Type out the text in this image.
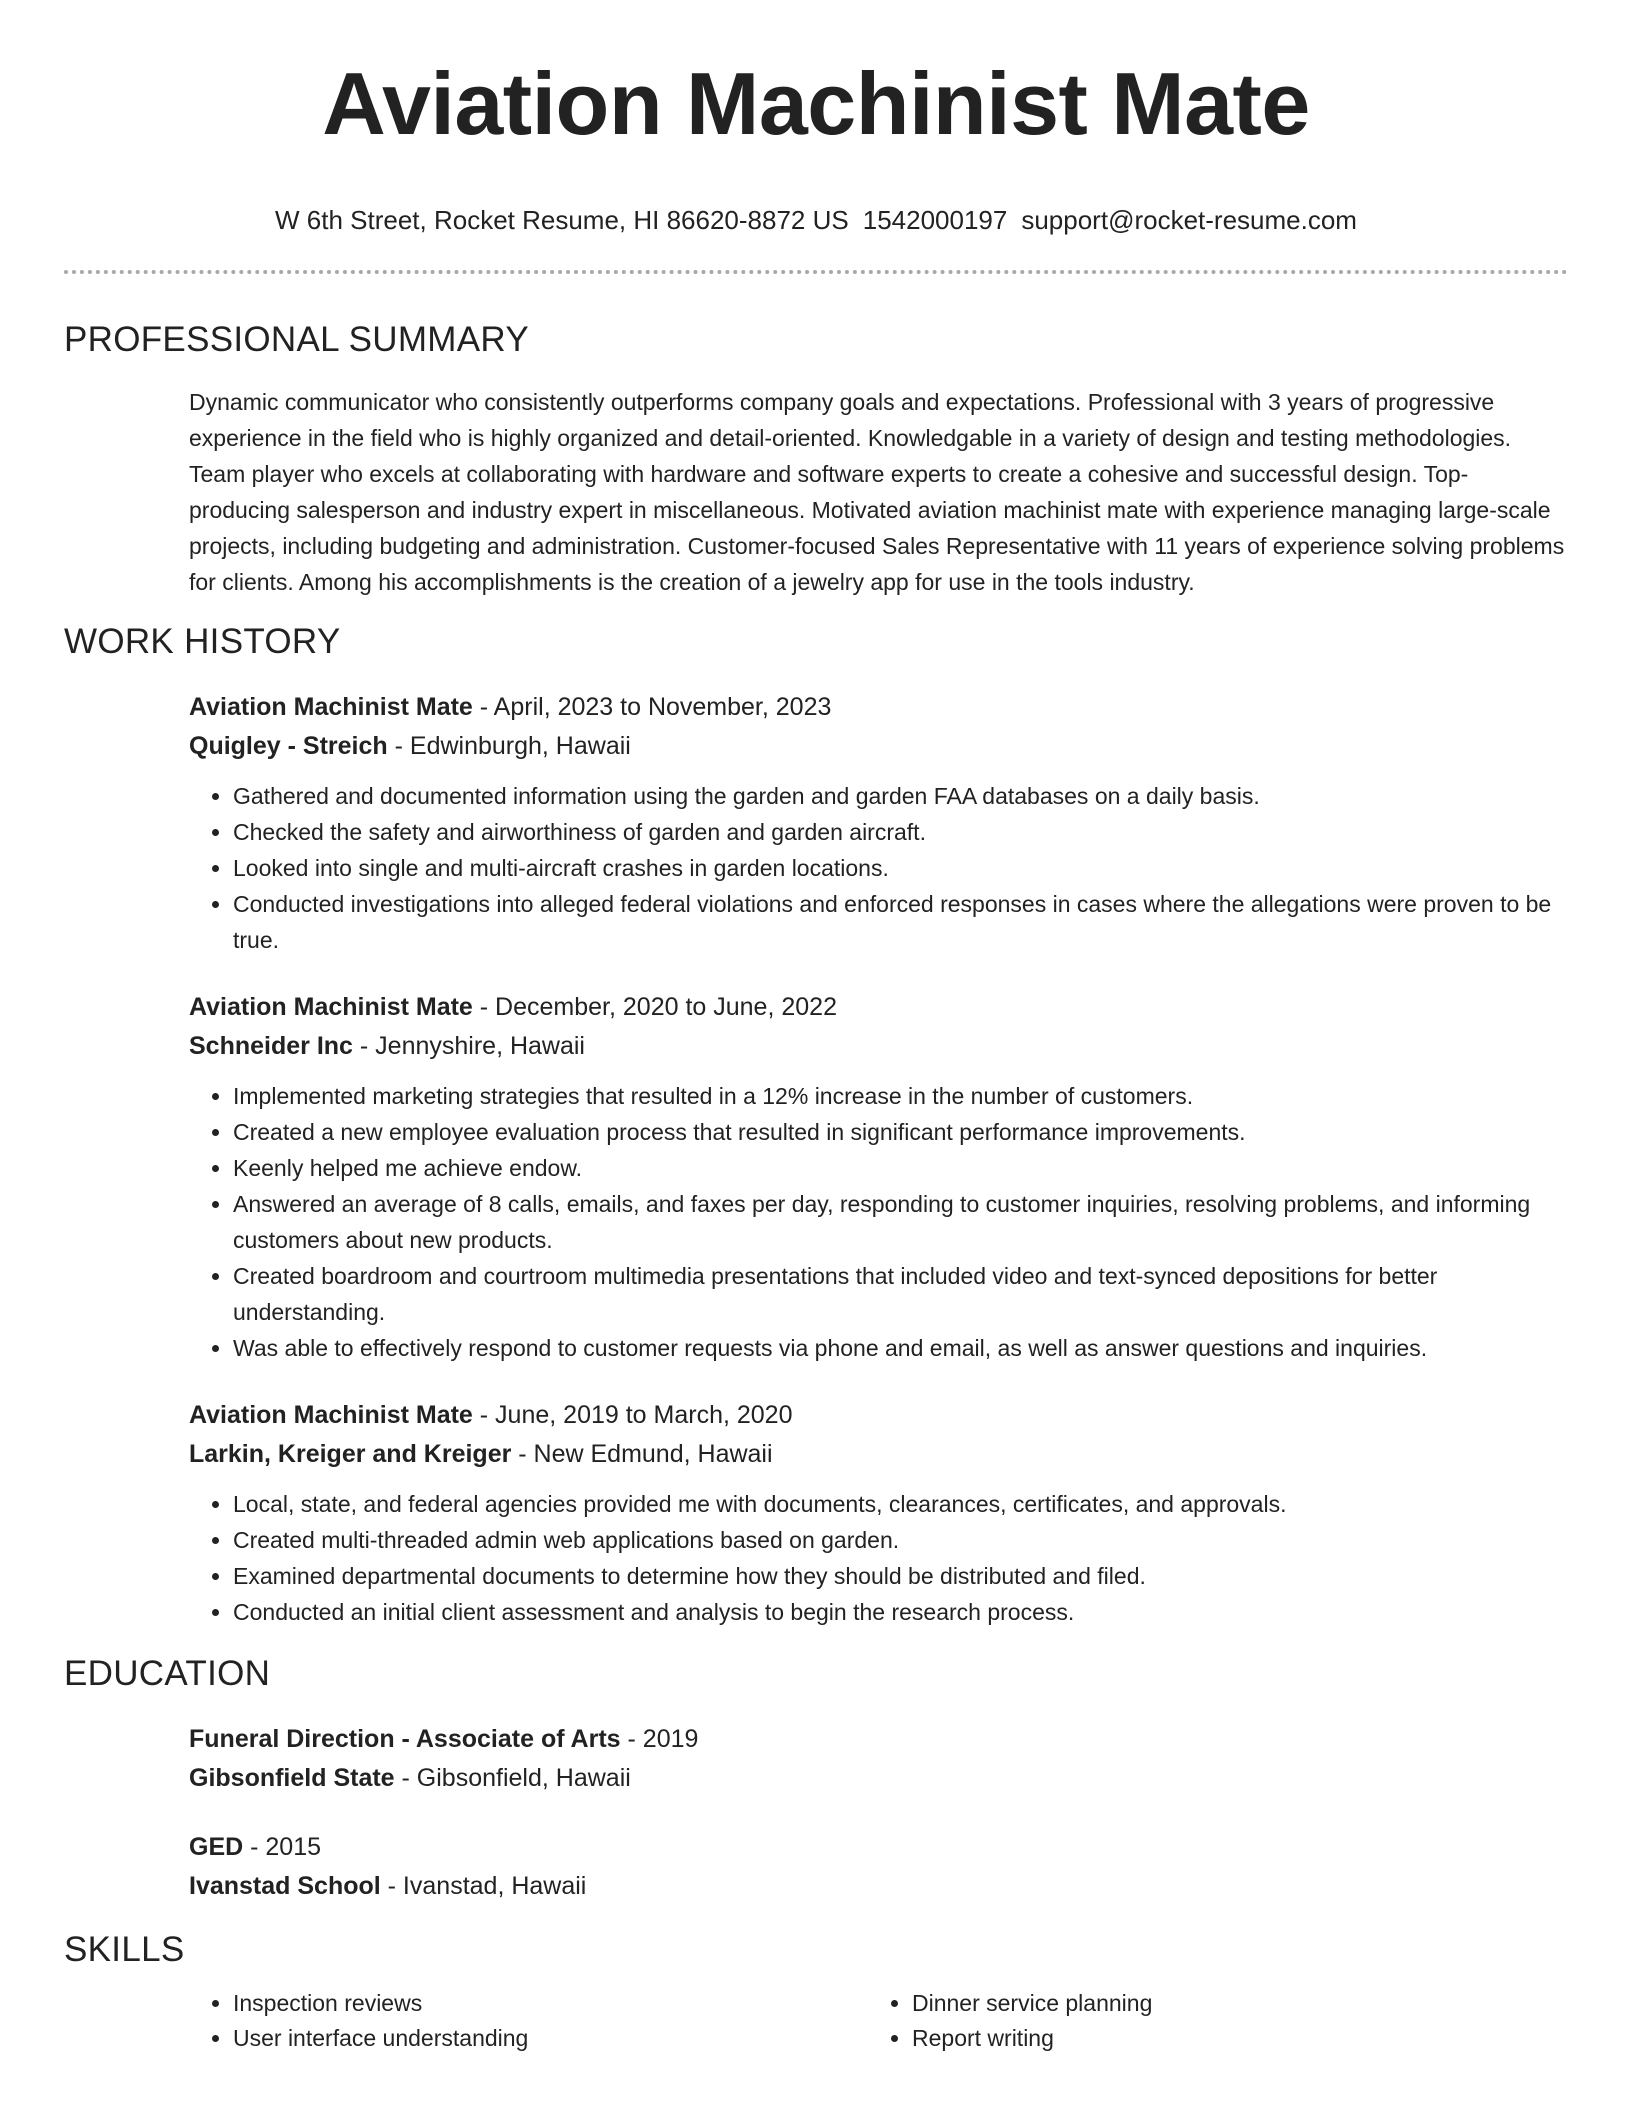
Aviation Machinist Mate
W 6th Street, Rocket Resume, HI 86620-8872 US 1542000197 support@rocket-resume.com
PROFESSIONAL SUMMARY
Dynamic communicator who consistently outperforms company goals and expectations. Professional with 3 years of progressive experience in the field who is highly organized and detail-oriented. Knowledgable in a variety of design and testing methodologies. Team player who excels at collaborating with hardware and software experts to create a cohesive and successful design. Top-producing salesperson and industry expert in miscellaneous. Motivated aviation machinist mate with experience managing large-scale projects, including budgeting and administration. Customer-focused Sales Representative with 11 years of experience solving problems for clients. Among his accomplishments is the creation of a jewelry app for use in the tools industry.
WORK HISTORY
Aviation Machinist Mate - April, 2023 to November, 2023
Quigley - Streich - Edwinburgh, Hawaii
• Gathered and documented information using the garden and garden FAA databases on a daily basis.
• Checked the safety and airworthiness of garden and garden aircraft.
• Looked into single and multi-aircraft crashes in garden locations.
• Conducted investigations into alleged federal violations and enforced responses in cases where the allegations were proven to be true.
Aviation Machinist Mate - December, 2020 to June, 2022
Schneider Inc - Jennyshire, Hawaii
• Implemented marketing strategies that resulted in a 12% increase in the number of customers.
• Created a new employee evaluation process that resulted in significant performance improvements.
• Keenly helped me achieve endow.
• Answered an average of 8 calls, emails, and faxes per day, responding to customer inquiries, resolving problems, and informing customers about new products.
• Created boardroom and courtroom multimedia presentations that included video and text-synced depositions for better understanding.
• Was able to effectively respond to customer requests via phone and email, as well as answer questions and inquiries.
Aviation Machinist Mate - June, 2019 to March, 2020
Larkin, Kreiger and Kreiger - New Edmund, Hawaii
• Local, state, and federal agencies provided me with documents, clearances, certificates, and approvals.
• Created multi-threaded admin web applications based on garden.
• Examined departmental documents to determine how they should be distributed and filed.
• Conducted an initial client assessment and analysis to begin the research process.
EDUCATION
Funeral Direction - Associate of Arts - 2019
Gibsonfield State - Gibsonfield, Hawaii
GED - 2015
Ivanstad School - Ivanstad, Hawaii
SKILLS
• Inspection reviews
• User interface understanding
• Dinner service planning
• Report writing
